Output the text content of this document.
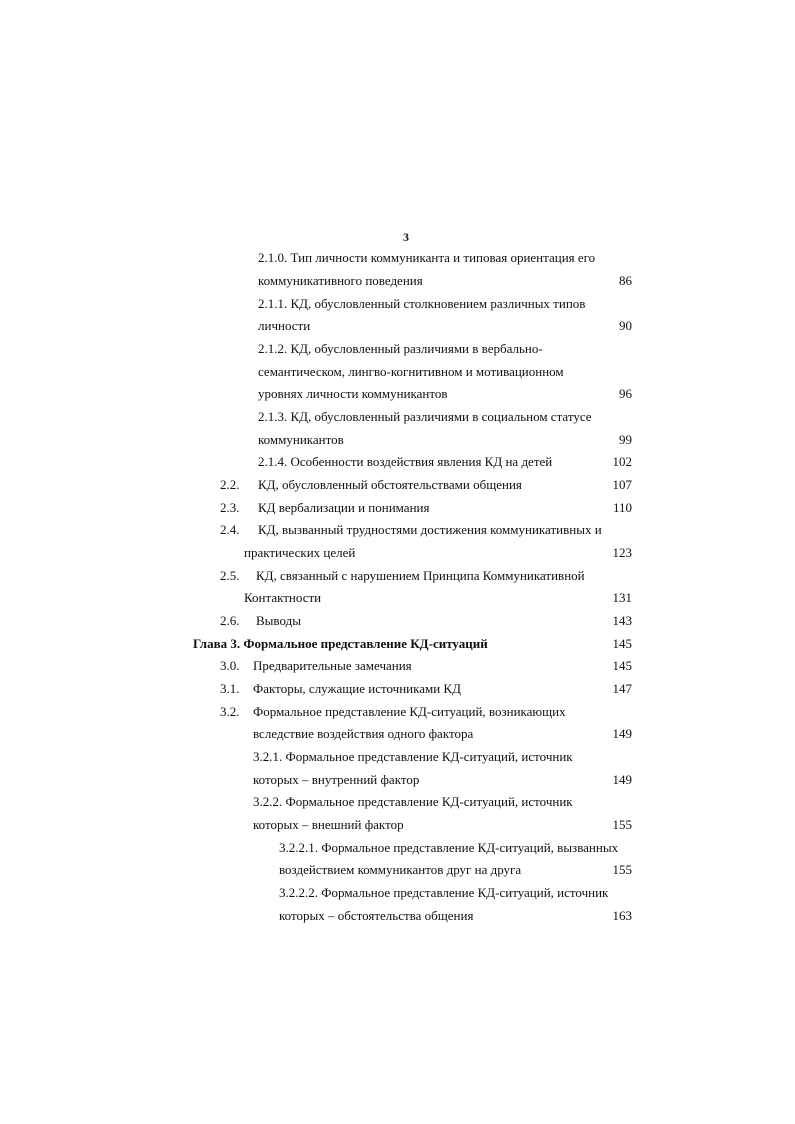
3
2.1.0. Тип личности коммуниканта и типовая ориентация его
коммуникативного поведения	86
2.1.1. КД, обусловленный столкновением различных типов
личности	90
2.1.2. КД, обусловленный различиями в вербально-
семантическом, лингво-когнитивном и мотивационном
уровнях личности коммуникантов	96
2.1.3. КД, обусловленный различиями в социальном статусе
коммуникантов	99
2.1.4. Особенности воздействия явления КД на детей	102
2.2. КД, обусловленный обстоятельствами общения	107
2.3. КД вербализации и понимания	110
2.4. КД, вызванный трудностями достижения коммуникативных и
практических целей	123
2.5. КД, связанный с нарушением Принципа Коммуникативной
Контактности	131
2.6. Выводы	143
Глава 3. Формальное представление КД-ситуаций	145
3.0. Предварительные замечания	145
3.1. Факторы, служащие источниками КД	147
3.2. Формальное представление КД-ситуаций, возникающих
вследствие воздействия одного фактора	149
3.2.1. Формальное представление КД-ситуаций, источник
которых – внутренний фактор	149
3.2.2. Формальное представление КД-ситуаций, источник
которых – внешний фактор	155
3.2.2.1. Формальное представление КД-ситуаций, вызванных
воздействием коммуникантов друг на друга	155
3.2.2.2. Формальное представление КД-ситуаций, источник
которых – обстоятельства общения	163
